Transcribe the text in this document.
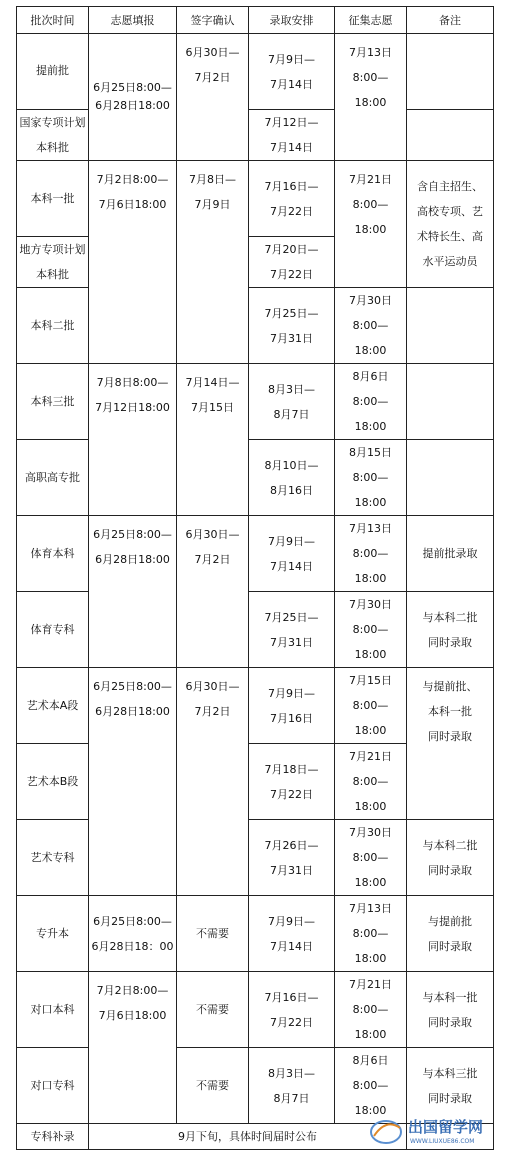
批次时间	志愿填报	签字确认	录取安排	征集志愿	备注

提前批	6月25日8:00—
6月28日18:00	6月30日—
7月2日	7月9日—
7月14日	7月13日
8:00—
18:00	

国家专项计划本科批			7月12日—
7月14日		

本科一批	7月2日8:00—
7月6日18:00	7月8日—
7月9日	7月16日—
7月22日	7月21日
8:00—
18:00	含自主招生、
高校专项、艺
术特长生、高
水平运动员

地方专项计划本科批			7月20日—
7月22日		

本科二批			7月25日—
7月31日	7月30日
8:00—
18:00	

本科三批	7月8日8:00—
7月12日18:00	7月14日—
7月15日	8月3日—
8月7日	8月6日
8:00—
18:00	

高职高专批			8月10日—
8月16日	8月15日
8:00—
18:00	

体育本科	6月25日8:00—
6月28日18:00	6月30日—
7月2日	7月9日—
7月14日	7月13日
8:00—
18:00	提前批录取

体育专科			7月25日—
7月31日	7月30日
8:00—
18:00	与本科二批
同时录取

艺术本A段	6月25日8:00—
6月28日18:00	6月30日—
7月2日	7月9日—
7月16日	7月15日
8:00—
18:00	与提前批、
本科一批
同时录取

艺术本B段			7月18日—
7月22日	7月21日
8:00—
18:00	

艺术专科			7月26日—
7月31日	7月30日
8:00—
18:00	与本科二批
同时录取

专升本	6月25日8:00—
6月28日18：00	不需要	7月9日—
7月14日	7月13日
8:00—
18:00	与提前批
同时录取

对口本科	7月2日8:00—
7月6日18:00	不需要	7月16日—
7月22日	7月21日
8:00—
18:00	与本科一批
同时录取

对口专科		不需要	8月3日—
8月7日	8月6日
8:00—
18:00	与本科三批
同时录取

专科补录	9月下旬，具体时间届时公布				
出国留学网
WWW.LIUXUE86.COM
